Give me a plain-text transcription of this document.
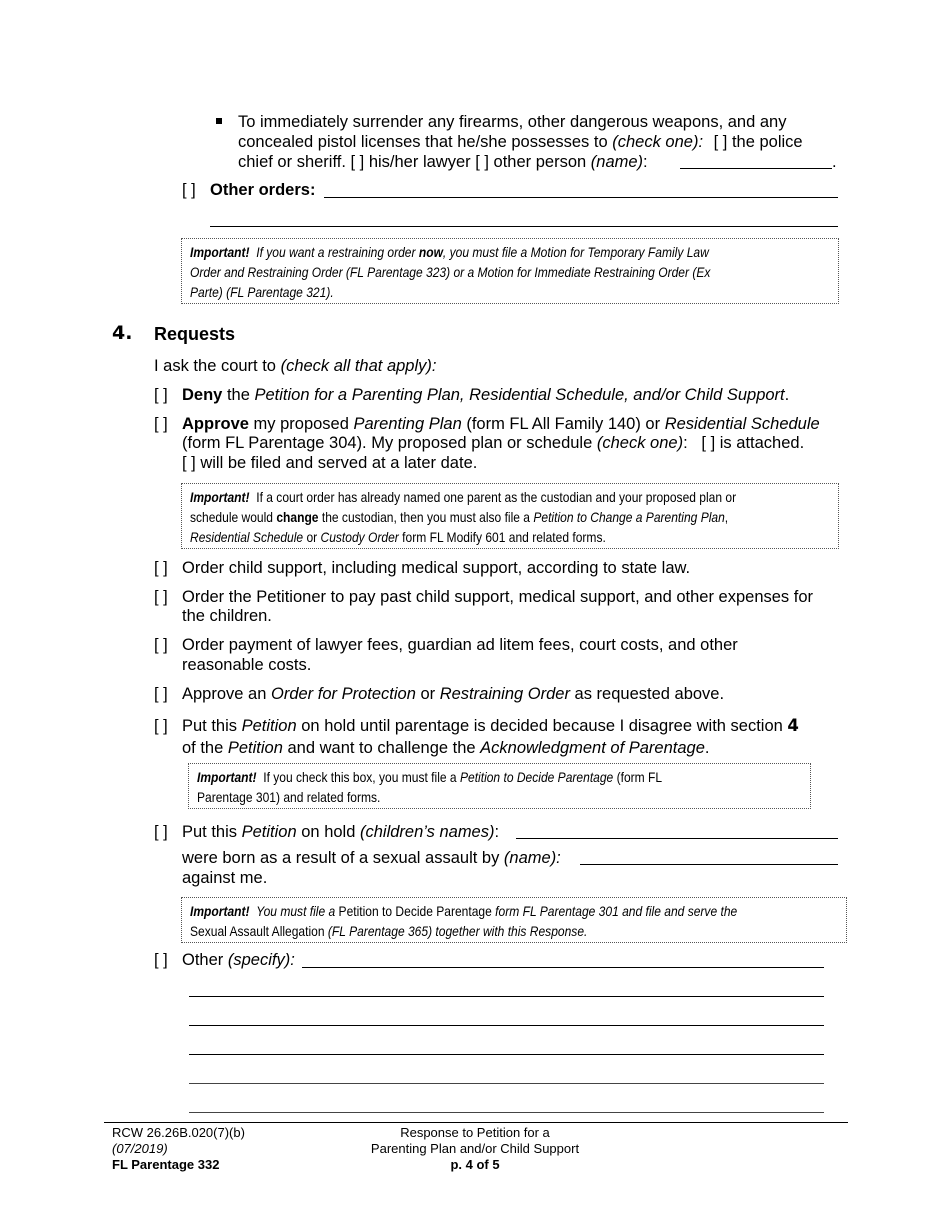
To immediately surrender any firearms, other dangerous weapons, and any
concealed pistol licenses that he/she possesses to (check one): [ ] the police
chief or sheriff. [ ] his/her lawyer [ ] other person (name):	.
[ ] Other orders:
Important! If you want a restraining order now, you must file a Motion for Temporary Family Law
Order and Restraining Order (FL Parentage 323) or a Motion for Immediate Restraining Order (Ex
Parte) (FL Parentage 321).
4. Requests
I ask the court to (check all that apply):
[ ] Deny the Petition for a Parenting Plan, Residential Schedule, and/or Child Support.
[ ] Approve my proposed Parenting Plan (form FL All Family 140) or Residential Schedule
(form FL Parentage 304). My proposed plan or schedule (check one):   [ ] is attached.
[ ] will be filed and served at a later date.
Important! If a court order has already named one parent as the custodian and your proposed plan or
schedule would change the custodian, then you must also file a Petition to Change a Parenting Plan,
Residential Schedule or Custody Order form FL Modify 601 and related forms.
[ ] Order child support, including medical support, according to state law.
[ ] Order the Petitioner to pay past child support, medical support, and other expenses for
the children.
[ ] Order payment of lawyer fees, guardian ad litem fees, court costs, and other
reasonable costs.
[ ] Approve an Order for Protection or Restraining Order as requested above.
[ ] Put this Petition on hold until parentage is decided because I disagree with section 4
of the Petition and want to challenge the Acknowledgment of Parentage.
Important! If you check this box, you must file a Petition to Decide Parentage (form FL
Parentage 301) and related forms.
[ ] Put this Petition on hold (children’s names):
were born as a result of a sexual assault by (name):
against me.
Important! You must file a Petition to Decide Parentage form FL Parentage 301 and file and serve the
Sexual Assault Allegation (FL Parentage 365) together with this Response.
[ ] Other (specify):
RCW 26.26B.020(7)(b)
(07/2019)
FL Parentage 332
Response to Petition for a
Parenting Plan and/or Child Support
p. 4 of 5
